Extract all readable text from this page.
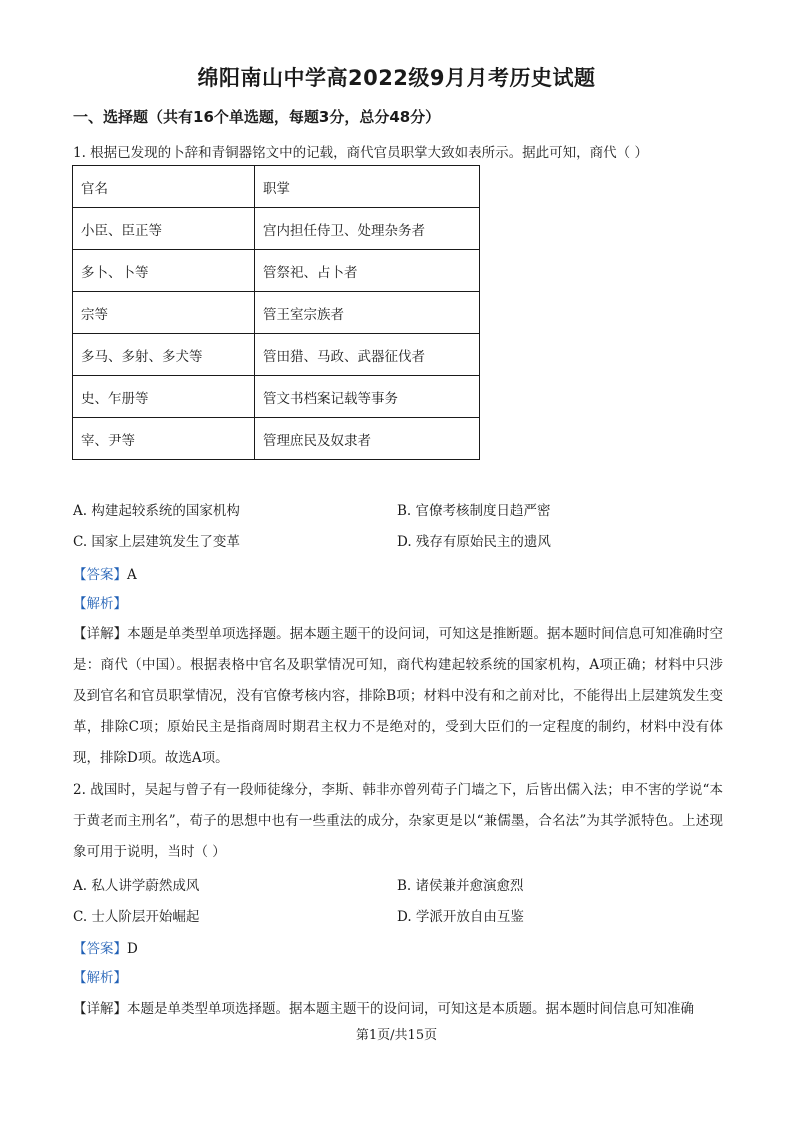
绵阳南山中学高2022级9月月考历史试题
一、选择题（共有16个单选题，每题3分，总分48分）
1. 根据已发现的卜辞和青铜器铭文中的记载，商代官员职掌大致如表所示。据此可知，商代（ ）
官名	职掌
小臣、臣正等	宫内担任侍卫、处理杂务者
多卜、卜等	管祭祀、占卜者
宗等	管王室宗族者
多马、多射、多犬等	管田猎、马政、武器征伐者
史、乍册等	管文书档案记载等事务
宰、尹等	管理庶民及奴隶者
A. 构建起较系统的国家机构	B. 官僚考核制度日趋严密
C. 国家上层建筑发生了变革	D. 残存有原始民主的遗风
【答案】A
【解析】
【详解】本题是单类型单项选择题。据本题主题干的设问词，可知这是推断题。据本题时间信息可知准确时空是：商代（中国）。根据表格中官名及职掌情况可知，商代构建起较系统的国家机构，A项正确；材料中只涉及到官名和官员职掌情况，没有官僚考核内容，排除B项；材料中没有和之前对比，不能得出上层建筑发生变革，排除C项；原始民主是指商周时期君主权力不是绝对的，受到大臣们的一定程度的制约，材料中没有体现，排除D项。故选A项。
2. 战国时，吴起与曾子有一段师徒缘分，李斯、韩非亦曾列荀子门墙之下，后皆出儒入法；申不害的学说“本于黄老而主刑名”，荀子的思想中也有一些重法的成分，杂家更是以“兼儒墨，合名法”为其学派特色。上述现象可用于说明，当时（ ）
A. 私人讲学蔚然成风	B. 诸侯兼并愈演愈烈
C. 士人阶层开始崛起	D. 学派开放自由互鉴
【答案】D
【解析】
【详解】本题是单类型单项选择题。据本题主题干的设问词，可知这是本质题。据本题时间信息可知准确
第1页/共15页
